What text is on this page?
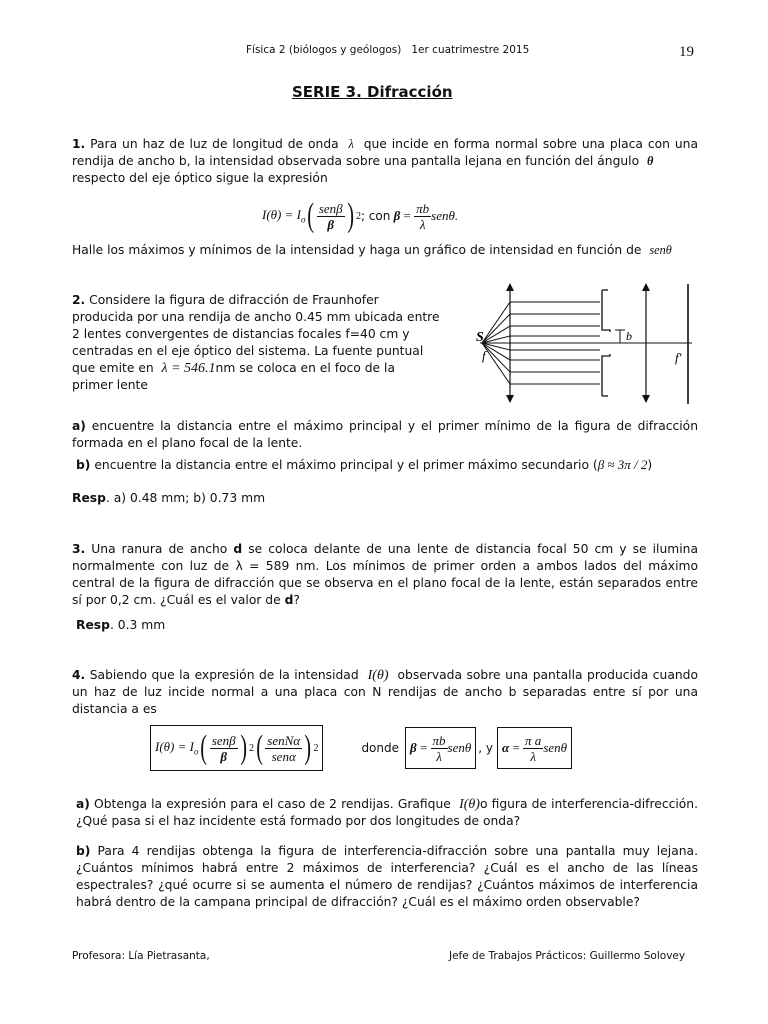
Física 2 (biólogos y geólogos) 1er cuatrimestre 2015	19
SERIE 3. Difracción
1. Para un haz de luz de longitud de onda λ que incide en forma normal sobre una placa con una rendija de ancho b, la intensidad observada sobre una pantalla lejana en función del ángulo θ
respecto del eje óptico sigue la expresión
$I(\theta) = I_o$ ( $\frac{\text{senβ}}{\beta}$ ) 2 ; con
$\beta = \frac{\pi b}{\lambda} sen\theta$.
Halle los máximos y mínimos de la intensidad y haga un gráfico de intensidad en función de senθ
2. Considere la figura de difracción de Fraunhofer
producida por una rendija de ancho 0.45 mm ubicada entre
2 lentes convergentes de distancias focales f=40 cm y
centradas en el eje óptico del sistema. La fuente puntual
que emite en λ = 546.1nm se coloca en el foco de la
primer lente
S
f
b
f'
a) encuentre la distancia entre el máximo principal y el primer mínimo de la figura de difracción formada en el plano focal de la lente.
b) encuentre la distancia entre el máximo principal y el primer máximo secundario (β ≈ 3π / 2)
Resp. a) 0.48 mm; b) 0.73 mm
3. Una ranura de ancho d se coloca delante de una lente de distancia focal 50 cm y se ilumina normalmente con luz de λ = 589 nm. Los mínimos de primer orden a ambos lados del máximo central de la figura de difracción que se observa en el plano focal de la lente, están separados entre sí por 0,2 cm. ¿Cuál es el valor de d?
Resp. 0.3 mm
4. Sabiendo que la expresión de la intensidad I(θ) observada sobre una pantalla producida cuando un haz de luz incide normal a una placa con N rendijas de ancho b separadas entre sí por una distancia a es
$I(\theta) = I_o$ ( $\frac{\text{senβ}}{\beta}$ ) 2 ( $\frac{\text{senNα}}{\text{senα}}$ ) 2	donde $\beta = \frac{\pi b}{\lambda}$ senθ , y $\alpha = \frac{\text{π a}}{\lambda}$ senθ
a) Obtenga la expresión para el caso de 2 rendijas. Grafique I(θ)o figura de interferencia-difrección. ¿Qué pasa si el haz incidente está formado por dos longitudes de onda?
b) Para 4 rendijas obtenga la figura de interferencia-difracción sobre una pantalla muy lejana. ¿Cuántos mínimos habrá entre 2 máximos de interferencia? ¿Cuál es el ancho de las líneas espectrales? ¿qué ocurre si se aumenta el número de rendijas? ¿Cuántos máximos de interferencia habrá dentro de la campana principal de difracción? ¿Cuál es el máximo orden observable?
Profesora: Lía Pietrasanta,	Jefe de Trabajos Prácticos: Guillermo Solovey
